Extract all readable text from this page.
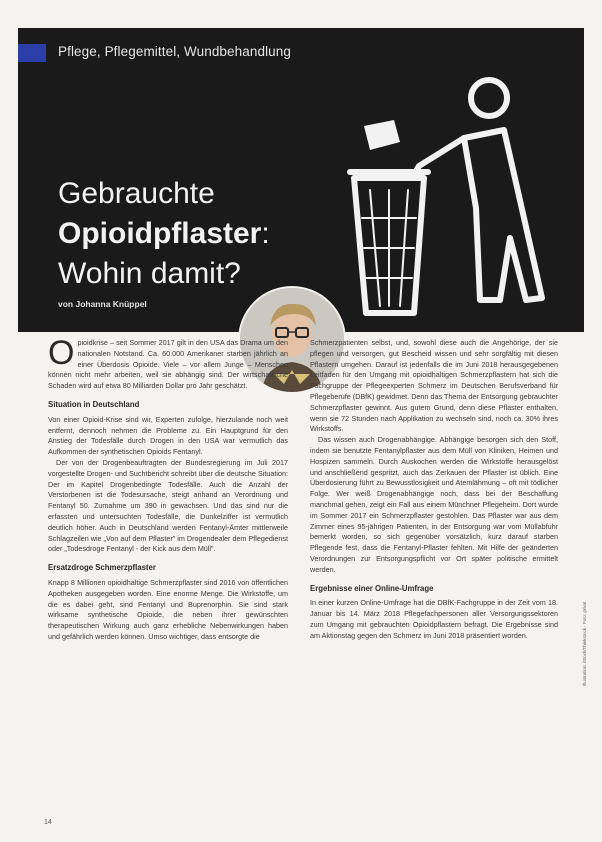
Pflege, Pflegemittel, Wundbehandlung
Gebrauchte
Opioidpflaster:
Wohin damit?
von Johanna Knüppel

Opioidkrise – seit Sommer 2017 gilt in den USA das Drama um den nationalen Notstand. Ca. 60.000 Amerikaner starben jährlich an einer Überdosis Opioide. Viele – vor allem Junge – Menschen können nicht mehr arbeiten, weil sie abhängig sind. Der wirtschaftliche Schaden wird auf etwa 80 Milliarden Dollar pro Jahr geschätzt.

Situation in Deutschland

Von einer Opioid-Krise sind wir, Experten zufolge, hierzulande noch weit entfernt, dennoch nehmen die Probleme zu. Ein Hauptgrund für den Anstieg der Todesfälle durch Drogen in den USA war vermutlich das Aufkommen der synthetischen Opioids Fentanyl.

Der von der Drogenbeauftragten der Bundesregierung im Juli 2017 vorgestellte Drogen- und Suchtbericht schreibt über die deutsche Situation: Der im Kapitel Drogenbedingte Todesfälle. Auch die Anzahl der Verstorbenen ist die Todesursache, steigt anhand an Verordnung und Fentanyl 50. Zumahme um 390 in gewachsen. Und das sind nur die erfassten und untersuchten Todesfälle, die Dunkelziffer ist vermutlich deutlich höher. Auch in Deutschland werden Fentanyl-Ämter mittlerweile Schlagzeilen wie „Von auf dem Pflaster" im Drogendealer dem Pflegedienst oder „Todesdroge Fentanyl - der Kick aus dem Müll".

Ersatzdroge Schmerzpflaster

Knapp 8 Millionen opioidhaltige Schmerzpflaster sind 2016 von öffentlichen Apotheken ausgegeben worden. Eine enorme Menge. Die Wirkstoffe, um die es dabei geht, sind Fentanyl und Buprenorphin. Sie sind stark wirksame synthetische Opioide, die neben ihrer gewünschten therapeutischen Wirkung auch ganz erhebliche Nebenwirkungen haben und gefährlich werden können. Umso wichtiger, dass entsorgte die

Schmerzpatienten selbst, und, sowohl diese auch die Angehörige, der sie pflegen und versorgen, gut Bescheid wissen und sehr sorgfältig mit diesen Pflastern umgehen. Darauf ist jedenfalls die im Juni 2018 herausgegebenen Leitfaden für den Umgang mit opioidhaltigen Schmerzpflastern hat sich die Fachgruppe der Pflegeexperten Schmerz im Deutschen Berufsverband für Pflegeberufe (DBfK) gewidmet. Denn das Thema der Entsorgung gebrauchter Schmerzpflaster gewinnt. Aus gutem Grund, denn diese Pflaster enthalten, wenn sie 72 Stunden nach Applikation zu wechseln sind, noch ca. 30% ihres Wirkstoffs.

Das wissen auch Drogenabhängige. Abhängige besorgen sich den Stoff, indem sie benutzte Fentanylpflaster aus dem Müll von Kliniken, Heimen und Hospizen sammeln. Durch Auskochen werden die Wirkstoffe herausgelöst und anschließend gespritzt, auch das Zerkauen der Pflaster ist üblich. Eine Überdosierung führt zu Bewusstlosigkeit und Atemlähmung – oft mit tödlicher Folge. Wer weiß Drogenabhängige noch, dass bei der Beschaffung manchmal gehen, zeigt ein Fall aus einem Münchner Pflegeheim. Dort wurde im Sommer 2017 ein Schmerzpflaster gestohlen. Das Pflaster war aus dem Zimmer eines 95-jährigen Patienten, in der Entsorgung war vom Müllabfuhr bemerkt worden, so sich gegenüber vorsätzlich, kurz darauf starben Pflegende fest, dass die Fentanyl-Pflaster fehlten. Mit Hilfe der geänderten Verordnungen zur Entsorgungspflicht vor Ort später politische ermittelt werden.

Ergebnisse einer Online-Umfrage

In einer kurzen Online-Umfrage hat die DBfK-Fachgruppe in der Zeit vom 18. Januar bis 14. März 2018 Pflegefachpersonen aller Versorgungssektoren zum Umgang mit gebrauchten Opioidpflastern befragt. Die Ergebnisse sind am Aktionstag gegen den Schmerz im Juni 2018 präsentiert worden.	Illustration: iStock/Thinkstock · Foto: privat
14
